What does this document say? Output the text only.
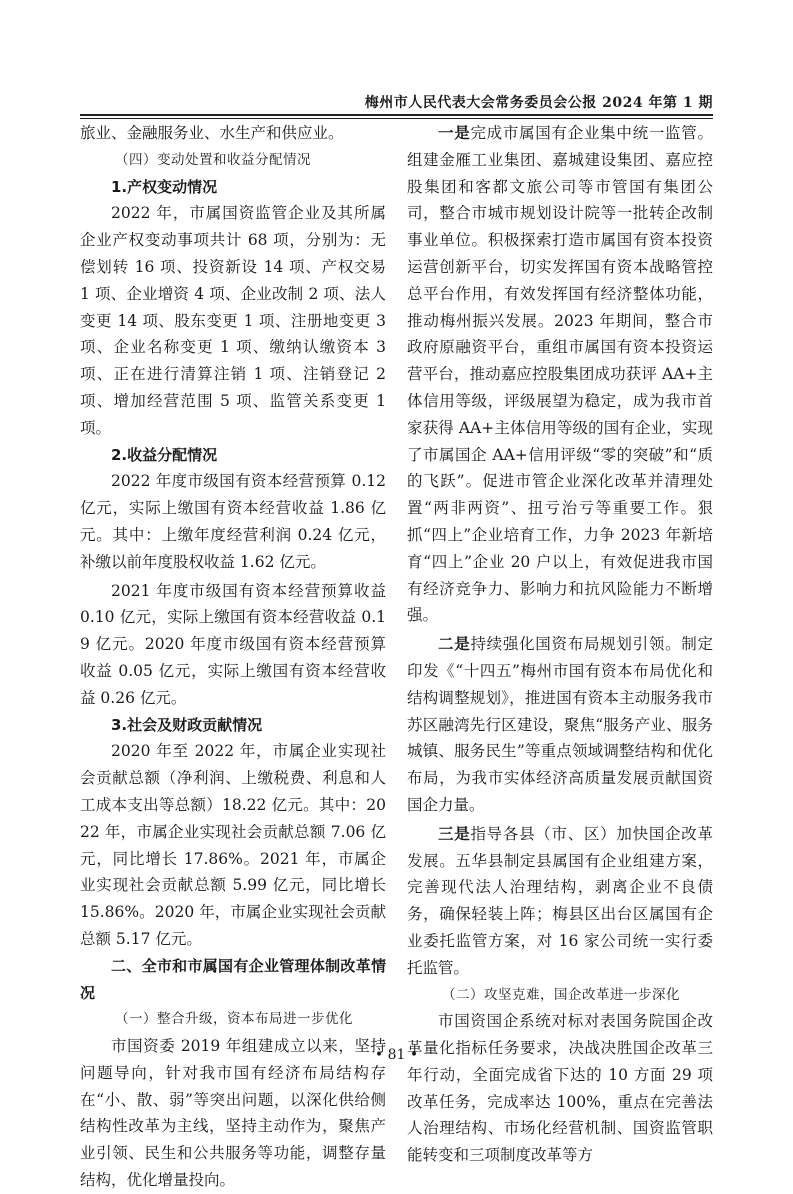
梅州市人民代表大会常务委员会公报 2024 年第 1 期

旅业、金融服务业、水生产和供应业。

（四）变动处置和收益分配情况

1.产权变动情况

2022 年，市属国资监管企业及其所属企业产权变动事项共计 68 项，分别为：无偿划转 16 项、投资新设 14 项、产权交易 1 项、企业增资 4 项、企业改制 2 项、法人变更 14 项、股东变更 1 项、注册地变更 3 项、企业名称变更 1 项、缴纳认缴资本 3 项、正在进行清算注销 1 项、注销登记 2 项、增加经营范围 5 项、监管关系变更 1 项。

2.收益分配情况

2022 年度市级国有资本经营预算 0.12 亿元，实际上缴国有资本经营收益 1.86 亿元。其中：上缴年度经营利润 0.24 亿元，补缴以前年度股权收益 1.62 亿元。

2021 年度市级国有资本经营预算收益 0.10 亿元，实际上缴国有资本经营收益 0.19 亿元。2020 年度市级国有资本经营预算收益 0.05 亿元，实际上缴国有资本经营收益 0.26 亿元。

3.社会及财政贡献情况

2020 年至 2022 年，市属企业实现社会贡献总额（净利润、上缴税费、利息和人工成本支出等总额）18.22 亿元。其中：2022 年，市属企业实现社会贡献总额 7.06 亿元，同比增长 17.86%。2021 年，市属企业实现社会贡献总额 5.99 亿元，同比增长 15.86%。2020 年，市属企业实现社会贡献总额 5.17 亿元。

二、全市和市属国有企业管理体制改革情况

（一）整合升级，资本布局进一步优化

市国资委 2019 年组建成立以来，坚持问题导向，针对我市国有经济布局结构存在“小、散、弱”等突出问题，以深化供给侧结构性改革为主线，坚持主动作为，聚焦产业引领、民生和公共服务等功能，调整存量结构，优化增量投向。

一是完成市属国有企业集中统一监管。组建金雁工业集团、嘉城建设集团、嘉应控股集团和客都文旅公司等市管国有集团公司，整合市城市规划设计院等一批转企改制事业单位。积极探索打造市属国有资本投资运营创新平台，切实发挥国有资本战略管控总平台作用，有效发挥国有经济整体功能，推动梅州振兴发展。2023 年期间，整合市政府原融资平台，重组市属国有资本投资运营平台，推动嘉应控股集团成功获评 AA+主体信用等级，评级展望为稳定，成为我市首家获得 AA+主体信用等级的国有企业，实现了市属国企 AA+信用评级“零的突破”和“质的飞跃”。促进市管企业深化改革并清理处置“两非两资”、扭亏治亏等重要工作。狠抓“四上”企业培育工作，力争 2023 年新培育“四上”企业 20 户以上，有效促进我市国有经济竞争力、影响力和抗风险能力不断增强。

二是持续强化国资布局规划引领。制定印发《“十四五”梅州市国有资本布局优化和结构调整规划》，推进国有资本主动服务我市苏区融湾先行区建设，聚焦“服务产业、服务城镇、服务民生”等重点领域调整结构和优化布局，为我市实体经济高质量发展贡献国资国企力量。

三是指导各县（市、区）加快国企改革发展。五华县制定县属国有企业组建方案，完善现代法人治理结构，剥离企业不良债务，确保轻装上阵；梅县区出台区属国有企业委托监管方案，对 16 家公司统一实行委托监管。

（二）攻坚克难，国企改革进一步深化

市国资国企系统对标对表国务院国企改革量化指标任务要求，决战决胜国企改革三年行动，全面完成省下达的 10 方面 29 项改革任务，完成率达 100%，重点在完善法人治理结构、市场化经营机制、国资监管职能转变和三项制度改革等方

• 81 •
